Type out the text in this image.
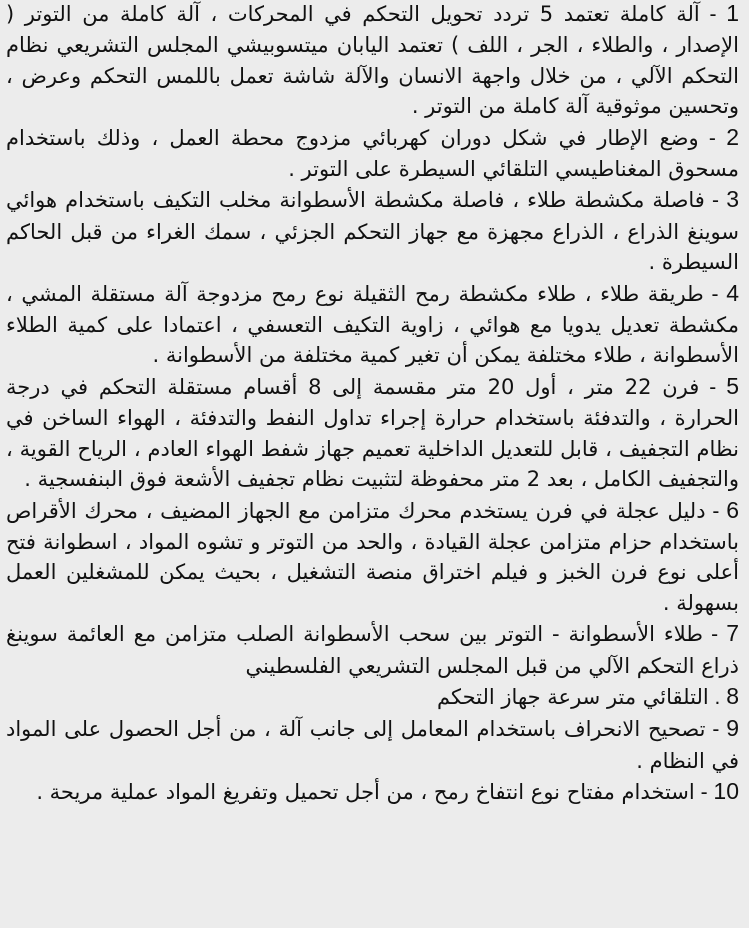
1 - آلة كاملة تعتمد 5 تردد تحويل التحكم في المحركات ، آلة كاملة من التوتر ( الإصدار ، والطلاء ، الجر ، اللف ) تعتمد اليابان ميتسوبيشي المجلس التشريعي نظام التحكم الآلي ، من خلال واجهة الانسان والآلة شاشة تعمل باللمس التحكم وعرض ، وتحسين موثوقية آلة كاملة من التوتر .

2 - وضع الإطار في شكل دوران كهربائي مزدوج محطة العمل ، وذلك باستخدام مسحوق المغناطيسي التلقائي السيطرة على التوتر .

3 - فاصلة مكشطة طلاء ، فاصلة مكشطة الأسطوانة مخلب التكيف باستخدام هوائي سوينغ الذراع ، الذراع مجهزة مع جهاز التحكم الجزئي ، سمك الغراء من قبل الحاكم السيطرة .

4 - طريقة طلاء ، طلاء مكشطة رمح الثقيلة نوع رمح مزدوجة آلة مستقلة المشي ، مكشطة تعديل يدويا مع هوائي ، زاوية التكيف التعسفي ، اعتمادا على كمية الطلاء الأسطوانة ، طلاء مختلفة يمكن أن تغير كمية مختلفة من الأسطوانة .

5 - فرن 22 متر ، أول 20 متر مقسمة إلى 8 أقسام مستقلة التحكم في درجة الحرارة ، والتدفئة باستخدام حرارة إجراء تداول النفط والتدفئة ، الهواء الساخن في نظام التجفيف ، قابل للتعديل الداخلية تعميم جهاز شفط الهواء العادم ، الرياح القوية ، والتجفيف الكامل ، بعد 2 متر محفوظة لتثبيت نظام تجفيف الأشعة فوق البنفسجية .

6 - دليل عجلة في فرن يستخدم محرك متزامن مع الجهاز المضيف ، محرك الأقراص باستخدام حزام متزامن عجلة القيادة ، والحد من التوتر و تشوه المواد ، اسطوانة فتح أعلى نوع فرن الخبز و فيلم اختراق منصة التشغيل ، بحيث يمكن للمشغلين العمل بسهولة .

7 - طلاء الأسطوانة - التوتر بين سحب الأسطوانة الصلب متزامن مع العائمة سوينغ ذراع التحكم الآلي من قبل المجلس التشريعي الفلسطيني

8 . التلقائي متر سرعة جهاز التحكم

9 - تصحيح الانحراف باستخدام المعامل إلى جانب آلة ، من أجل الحصول على المواد في النظام .

10 - استخدام مفتاح نوع انتفاخ رمح ، من أجل تحميل وتفريغ المواد عملية مريحة .
